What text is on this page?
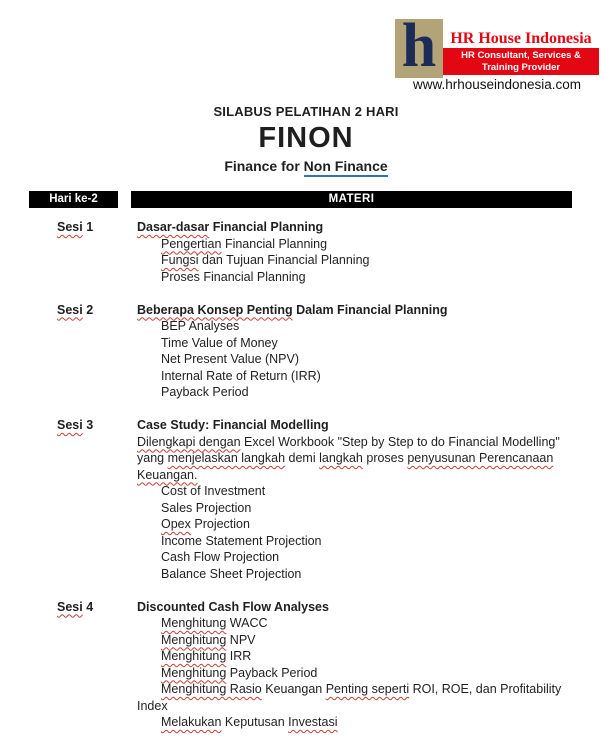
h HR House Indonesia
HR Consultant, Services &
Training Provider
www.hrhouseindonesia.com
SILABUS PELATIHAN 2 HARI
FINON
Finance for Non Finance
Hari ke-2	MATERI
Sesi 1	Dasar-dasar Financial Planning
Pengertian Financial Planning
Fungsi dan Tujuan Financial Planning
Proses Financial Planning
Sesi 2	Beberapa Konsep Penting Dalam Financial Planning
BEP Analyses
Time Value of Money
Net Present Value (NPV)
Internal Rate of Return (IRR)
Payback Period
Sesi 3	Case Study: Financial Modelling
Dilengkapi dengan Excel Workbook "Step by Step to do Financial Modelling"
yang menjelaskan langkah demi langkah proses penyusunan Perencanaan
Keuangan.
Cost of Investment
Sales Projection
Opex Projection
Income Statement Projection
Cash Flow Projection
Balance Sheet Projection
Sesi 4	Discounted Cash Flow Analyses
Menghitung WACC
Menghitung NPV
Menghitung IRR
Menghitung Payback Period
Menghitung Rasio Keuangan Penting seperti ROI, ROE, dan Profitability
Index
Melakukan Keputusan Investasi
